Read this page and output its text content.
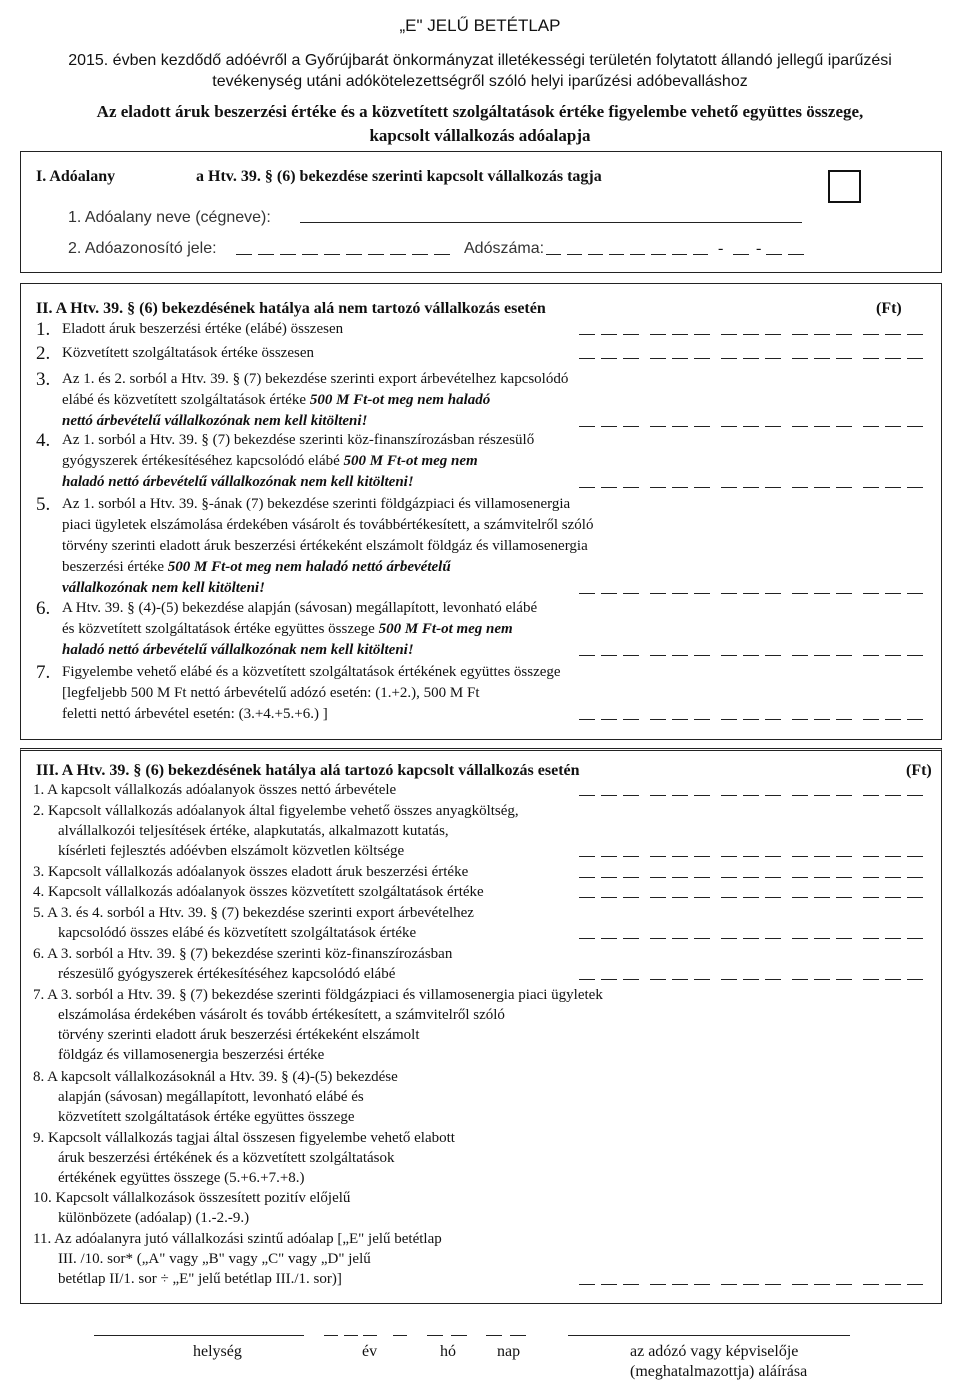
„E" JELŰ BETÉTLAP
2015. évben kezdődő adóévről a Győrújbarát önkormányzat illetékességi területén folytatott állandó jellegű iparűzési tevékenység utáni adókötelezettségről szóló helyi iparűzési adóbevalláshoz
Az eladott áruk beszerzési értéke és a közvetített szolgáltatások értéke figyelembe vehető együttes összege,
kapcsolt vállalkozás adóalapja
I. Adóalany	a Htv. 39. § (6) bekezdése szerinti kapcsolt vállalkozás tagja
1. Adóalany neve (cégneve):
2. Adóazonosító jele:	Adószáma:	- -
II. A Htv. 39. § (6) bekezdésének hatálya alá nem tartozó vállalkozás esetén	(Ft)
1. Eladott áruk beszerzési értéke (elábé) összesen
2. Közvetített szolgáltatások értéke összesen
3. Az 1. és 2. sorból a Htv. 39. § (7) bekezdése szerinti export árbevételhez kapcsolódó
elábé és közvetített szolgáltatások értéke 500 M Ft-ot meg nem haladó
nettó árbevételű vállalkozónak nem kell kitölteni!
4. Az 1. sorból a Htv. 39. § (7) bekezdése szerinti köz-finanszírozásban részesülő
gyógyszerek értékesítéséhez kapcsolódó elábé 500 M Ft-ot meg nem
haladó nettó árbevételű vállalkozónak nem kell kitölteni!
5. Az 1. sorból a Htv. 39. §-ának (7) bekezdése szerinti földgázpiaci és villamosenergia
piaci ügyletek elszámolása érdekében vásárolt és továbbértékesített, a számvitelről szóló
törvény szerinti eladott áruk beszerzési értékeként elszámolt földgáz és villamosenergia
beszerzési értéke 500 M Ft-ot meg nem haladó nettó árbevételű
vállalkozónak nem kell kitölteni!
6. A Htv. 39. § (4)-(5) bekezdése alapján (sávosan) megállapított, levonható elábé
és közvetített szolgáltatások értéke együttes összege 500 M Ft-ot meg nem
haladó nettó árbevételű vállalkozónak nem kell kitölteni!
7. Figyelembe vehető elábé és a közvetített szolgáltatások értékének együttes összege
[legfeljebb 500 M Ft nettó árbevételű adózó esetén: (1.+2.), 500 M Ft
feletti nettó árbevétel esetén: (3.+4.+5.+6.) ]
III. A Htv. 39. § (6) bekezdésének hatálya alá tartozó kapcsolt vállalkozás esetén	(Ft)
1. A kapcsolt vállalkozás adóalanyok összes nettó árbevétele
2. Kapcsolt vállalkozás adóalanyok által figyelembe vehető összes anyagköltség,
alvállalkozói teljesítések értéke, alapkutatás, alkalmazott kutatás,
kísérleti fejlesztés adóévben elszámolt közvetlen költsége
3. Kapcsolt vállalkozás adóalanyok összes eladott áruk beszerzési értéke
4. Kapcsolt vállalkozás adóalanyok összes közvetített szolgáltatások értéke
5. A 3. és 4. sorból a Htv. 39. § (7) bekezdése szerinti export árbevételhez
kapcsolódó összes elábé és közvetített szolgáltatások értéke
6. A 3. sorból a Htv. 39. § (7) bekezdése szerinti köz-finanszírozásban
részesülő gyógyszerek értékesítéséhez kapcsolódó elábé
7. A 3. sorból a Htv. 39. § (7) bekezdése szerinti földgázpiaci és villamosenergia piaci ügyletek
elszámolása érdekében vásárolt és tovább értékesített, a számvitelről szóló
törvény szerinti eladott áruk beszerzési értékeként elszámolt
földgáz és villamosenergia beszerzési értéke
8. A kapcsolt vállalkozásoknál a Htv. 39. § (4)-(5) bekezdése
alapján (sávosan) megállapított, levonható elábé és
közvetített szolgáltatások értéke együttes összege
9. Kapcsolt vállalkozás tagjai által összesen figyelembe vehető elabott
áruk beszerzési értékének és a közvetített szolgáltatások
értékének együttes összege (5.+6.+7.+8.)
10. Kapcsolt vállalkozások összesített pozitív előjelű
különbözete (adóalap) (1.-2.-9.)
11. Az adóalanyra jutó vállalkozási szintű adóalap [„E" jelű betétlap
III. /10. sor* („A" vagy „B" vagy „C" vagy „D" jelű
betétlap II/1. sor ÷ „E" jelű betétlap III./1. sor)]
helység	év	hó	nap	az adózó vagy képviselője
(meghatalmazottja) aláírása
